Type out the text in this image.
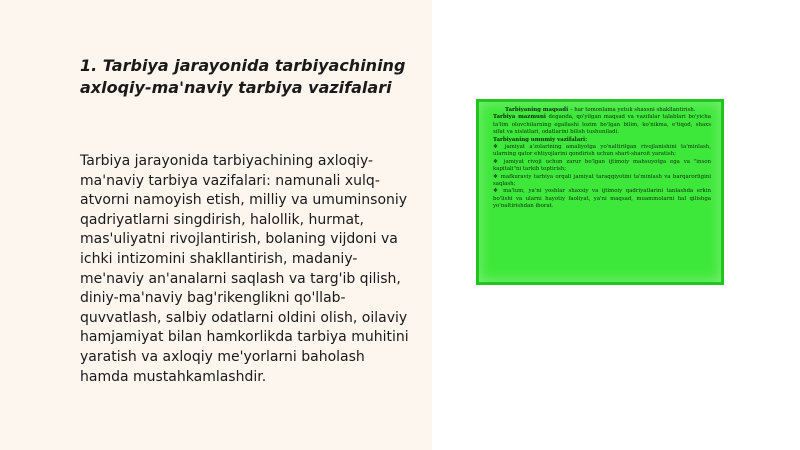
1. Tarbiya jarayonida tarbiyachining axloqiy-ma'naviy tarbiya vazifalari

Tarbiya jarayonida tarbiyachining axloqiy-ma'naviy tarbiya vazifalari: namunali xulq-atvorni namoyish etish, milliy va umuminsoniy qadriyatlarni singdirish, halollik, hurmat, mas'uliyatni rivojlantirish, bolaning vijdoni va ichki intizomini shakllantirish, madaniy-me'naviy an'analarni saqlash va targ'ib qilish, diniy-ma'naviy bag'rikenglikni qo'llab-quvvatlash, salbiy odatlarni oldini olish, oilaviy hamjamiyat bilan hamkorlikda tarbiya muhitini yaratish va axloqiy me'yorlarni baholash hamda mustahkamlashdir.

Tarbiyaning maqsadi – har tomonlama yetuk shaxsni shakllantirish.

Tarbiya mazmuni deganda, qo'yilgan maqsad va vazifalar talablari bo'yicha ta'lim oluvchilarning egallashi lozim bo'lgan bilim, ko'nikma, e'tiqod, shaxs sifat va xislatlari, odatlarini bilish tushuniladi.

Tarbiyaning umumiy vazifalari:

❖ jamiyat a'zolarining amaliyotga yo'naltirilgan rivojlanishini ta'minlash, ularning qator ehtiyojlarini qondirish uchun shart-sharoit yaratish;

❖ jamiyat rivoji uchun zarur bo'lgan ijtimoiy mahsuyotga ega va "inson kapitali"ni tarkib toptirish;

❖ mafkuraviy tarbiya orqali jamiyat taraqqiyotini ta'minlash va barqarorligini saqlash;

❖ ma'lum, ya'ni yoshlar shaxsiy va ijtimoiy qadriyatlarini tanlashda erkin bo'lishi va ularni hayotiy faoliyat, ya'ni maqsad, muammolarni hal qilishga yo'naltirishdan iborat.
